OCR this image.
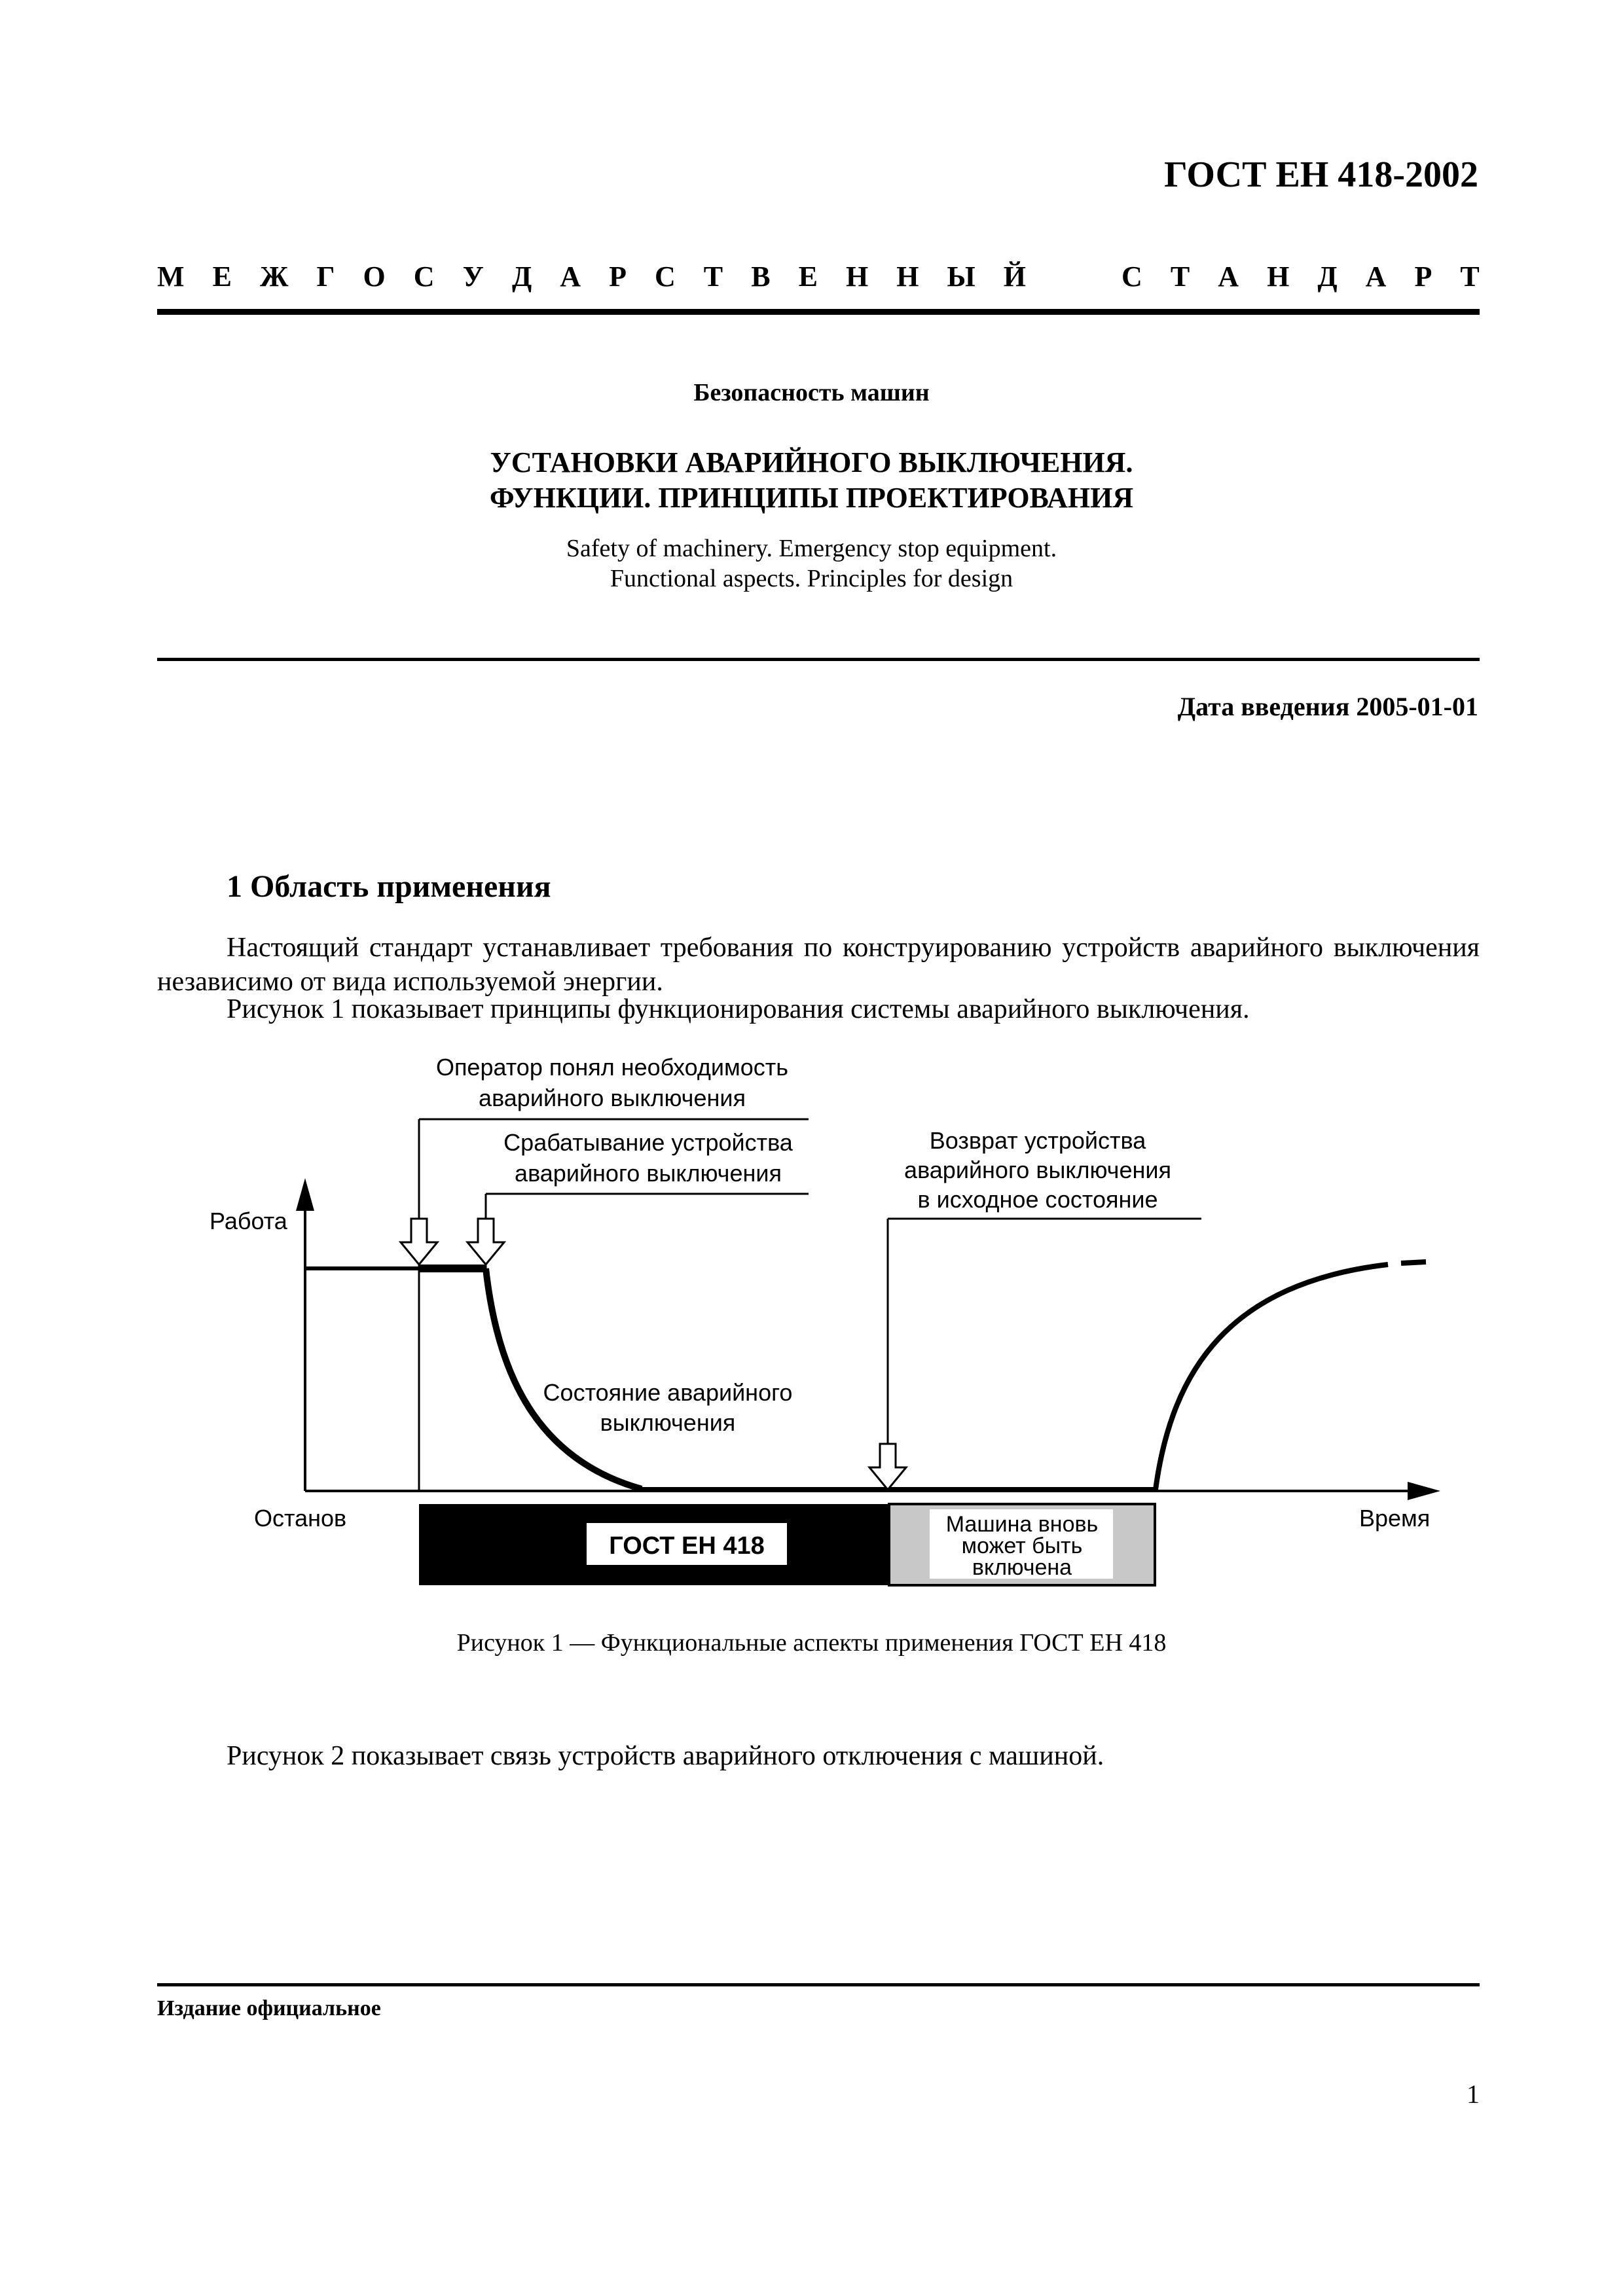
ГОСТ ЕН 418-2002
М Е Ж Г О С У Д А Р С Т В Е Н Н Ы Й	С Т А Н Д А Р Т
Безопасность машин
УСТАНОВКИ АВАРИЙНОГО ВЫКЛЮЧЕНИЯ.
ФУНКЦИИ. ПРИНЦИПЫ ПРОЕКТИРОВАНИЯ
Safety of machinery. Emergency stop equipment.
Functional aspects. Principles for design
Дата введения 2005-01-01
1 Область применения
Настоящий стандарт устанавливает требования по конструированию устройств аварийного выключения независимо от вида используемой энергии.
Рисунок 1 показывает принципы функционирования системы аварийного выключения.
Оператор понял необходимость
аварийного выключения
Срабатывание устройства
аварийного выключения
Возврат устройства
аварийного выключения
в исходное состояние
Состояние аварийного
выключения
Работа
Останов	Время
ГОСТ ЕН 418
Машина вновь
может быть
включена
Рисунок 1 — Функциональные аспекты применения ГОСТ ЕН 418
Рисунок 2 показывает связь устройств аварийного отключения с машиной.
Издание официальное
1
